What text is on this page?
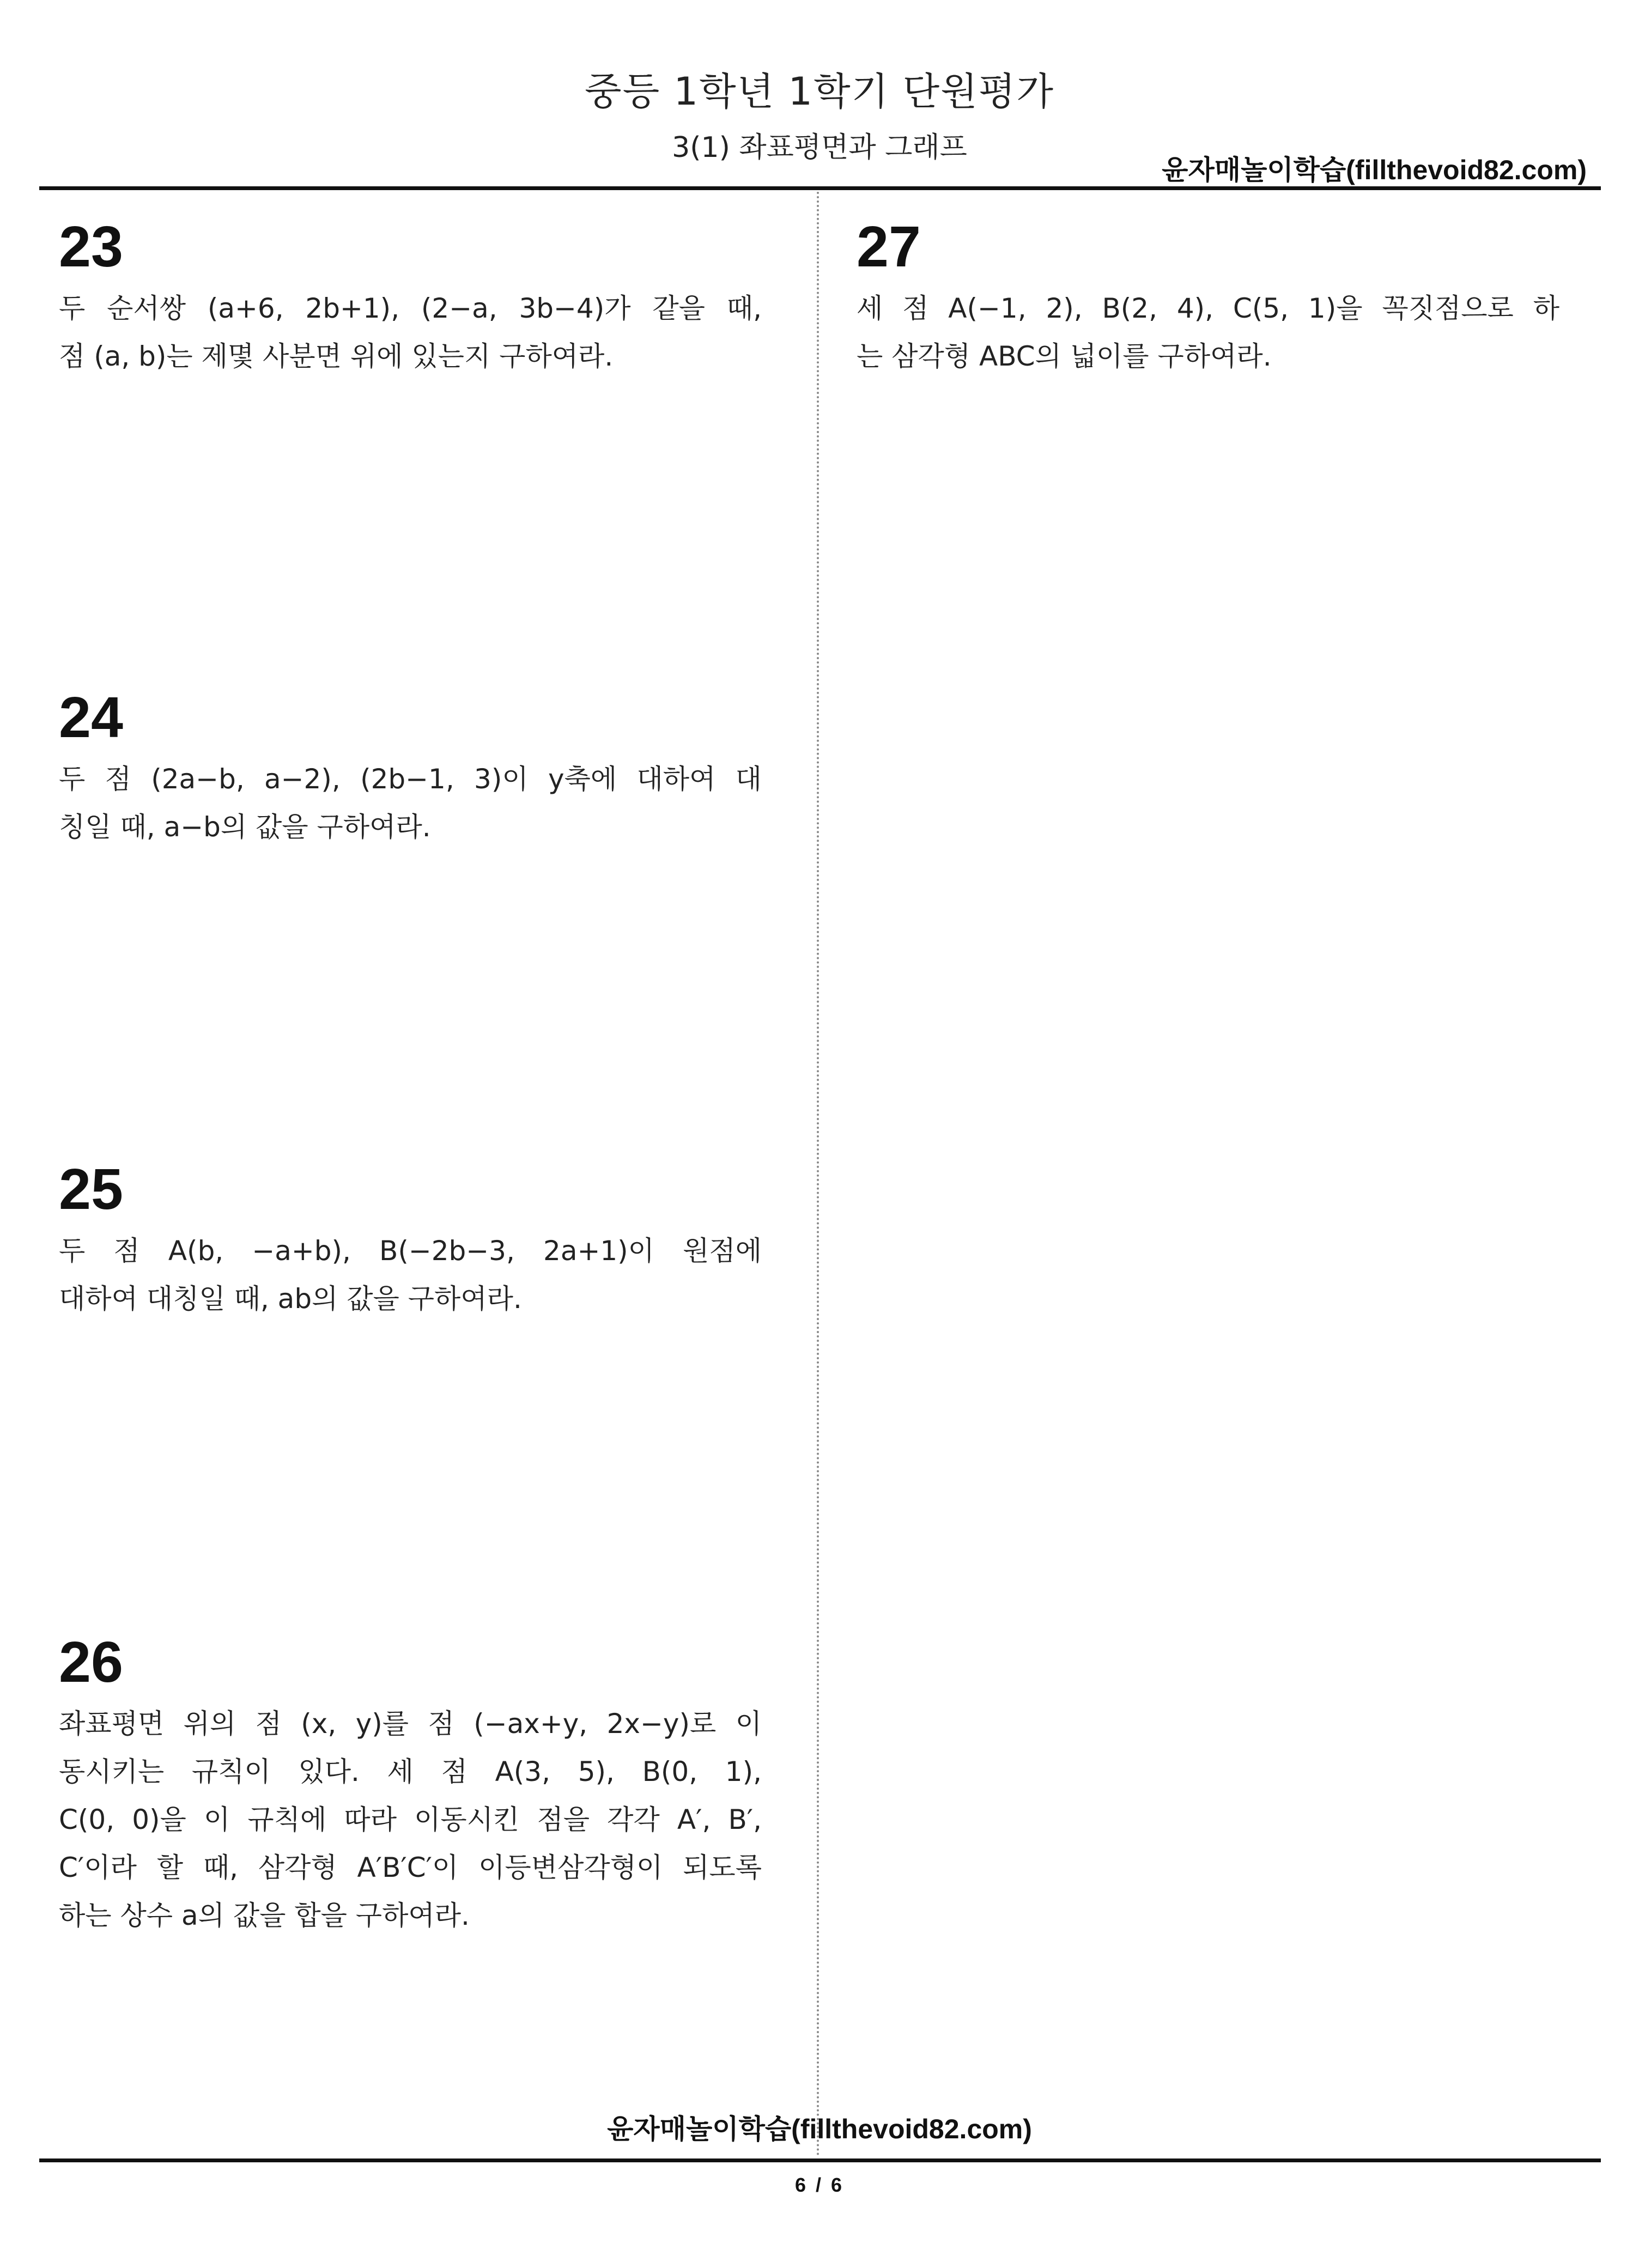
중등 1학년 1학기 단원평가
3(1) 좌표평면과 그래프
윤자매놀이학습(fillthevoid82.com)
23
두 순서쌍 (a+6, 2b+1), (2−a, 3b−4)가 같을 때,
점 (a, b)는 제몇 사분면 위에 있는지 구하여라.
24
두 점 (2a−b, a−2), (2b−1, 3)이 y축에 대하여 대
칭일 때, a−b의 값을 구하여라.
25
두 점 A(b, −a+b), B(−2b−3, 2a+1)이 원점에
대하여 대칭일 때, ab의 값을 구하여라.
26
좌표평면 위의 점 (x, y)를 점 (−ax+y, 2x−y)로 이
동시키는 규칙이 있다. 세 점 A(3, 5), B(0, 1),
C(0, 0)을 이 규칙에 따라 이동시킨 점을 각각 A′, B′,
C′이라 할 때, 삼각형 A′B′C′이 이등변삼각형이 되도록
하는 상수 a의 값을 합을 구하여라.
27
세 점 A(−1, 2), B(2, 4), C(5, 1)을 꼭짓점으로 하
는 삼각형 ABC의 넓이를 구하여라.
윤자매놀이학습(fillthevoid82.com)
6 / 6
